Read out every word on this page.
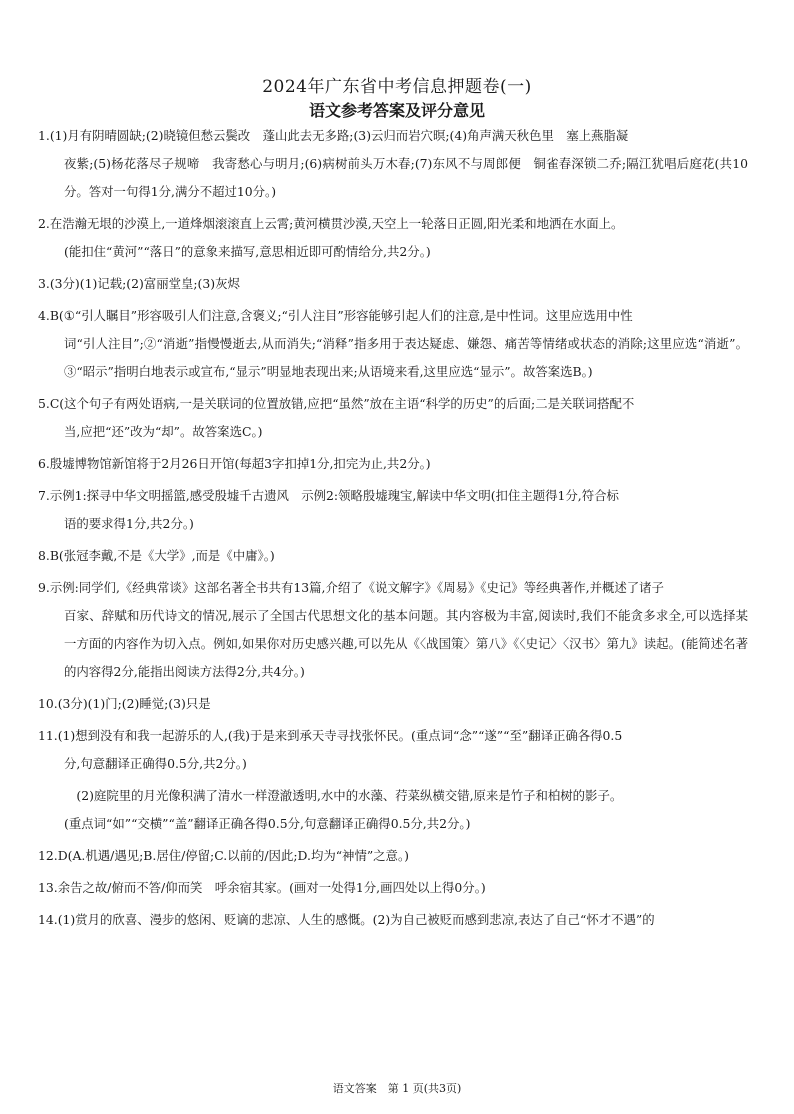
2024年广东省中考信息押题卷(一)
语文参考答案及评分意见

1.(1)月有阴晴圆缺;(2)晓镜但愁云鬓改　蓬山此去无多路;(3)云归而岩穴暝;(4)角声满天秋色里　塞上燕脂凝

夜紫;(5)杨花落尽子规啼　我寄愁心与明月;(6)病树前头万木春;(7)东风不与周郎便　铜雀春深锁二乔;隔江犹唱后庭花(共10分。答对一句得1分,满分不超过10分。)

2.在浩瀚无垠的沙漠上,一道烽烟滚滚直上云霄;黄河横贯沙漠,天空上一轮落日正圆,阳光柔和地洒在水面上。

(能扣住“黄河”“落日”的意象来描写,意思相近即可酌情给分,共2分。)

3.(3分)(1)记载;(2)富丽堂皇;(3)灰烬

4.B(①“引人瞩目”形容吸引人们注意,含褒义;“引人注目”形容能够引起人们的注意,是中性词。这里应选用中性

词“引人注目”;②“消逝”指慢慢逝去,从而消失;“消释”指多用于表达疑虑、嫌怨、痛苦等情绪或状态的消除;这里应选“消逝”。③“昭示”指明白地表示或宣布,“显示”明显地表现出来;从语境来看,这里应选“显示”。故答案选B。)

5.C(这个句子有两处语病,一是关联词的位置放错,应把“虽然”放在主语“科学的历史”的后面;二是关联词搭配不

当,应把“还”改为“却”。故答案选C。)

6.殷墟博物馆新馆将于2月26日开馆(每超3字扣掉1分,扣完为止,共2分。)

7.示例1:探寻中华文明摇篮,感受殷墟千古遗风　示例2:领略殷墟瑰宝,解读中华文明(扣住主题得1分,符合标

语的要求得1分,共2分。)

8.B(张冠李戴,不是《大学》,而是《中庸》。)

9.示例:同学们,《经典常谈》这部名著全书共有13篇,介绍了《说文解字》《周易》《史记》等经典著作,并概述了诸子

百家、辞赋和历代诗文的情况,展示了全国古代思想文化的基本问题。其内容极为丰富,阅读时,我们不能贪多求全,可以选择某一方面的内容作为切入点。例如,如果你对历史感兴趣,可以先从《〈战国策〉第八》《〈史记〉〈汉书〉第九》读起。(能简述名著的内容得2分,能指出阅读方法得2分,共4分。)

10.(3分)(1)门;(2)睡觉;(3)只是

11.(1)想到没有和我一起游乐的人,(我)于是来到承天寺寻找张怀民。(重点词“念”“遂”“至”翻译正确各得0.5

分,句意翻译正确得0.5分,共2分。)

　(2)庭院里的月光像积满了清水一样澄澈透明,水中的水藻、荇菜纵横交错,原来是竹子和柏树的影子。

(重点词“如”“交横”“盖”翻译正确各得0.5分,句意翻译正确得0.5分,共2分。)

12.D(A.机遇/遇见;B.居住/停留;C.以前的/因此;D.均为“神情”之意。)

13.余告之故/俯而不答/仰而笑　呼余宿其家。(画对一处得1分,画四处以上得0分。)

14.(1)赏月的欣喜、漫步的悠闲、贬谪的悲凉、人生的感慨。(2)为自己被贬而感到悲凉,表达了自己“怀才不遇”的

语文答案　第 1 页(共3页)
